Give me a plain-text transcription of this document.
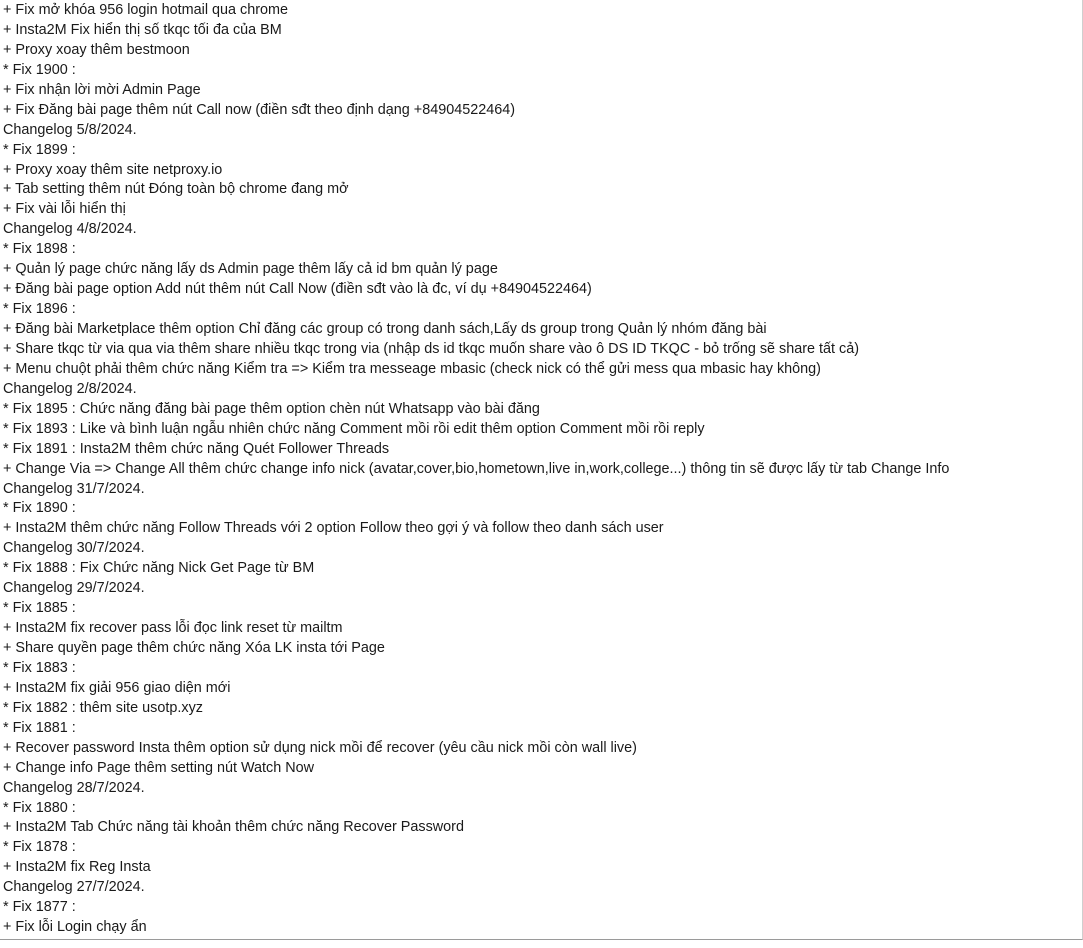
+ Fix mở khóa 956 login hotmail qua chrome
+ Insta2M Fix hiển thị số tkqc tối đa của BM
+ Proxy xoay thêm bestmoon
* Fix 1900 :
+ Fix nhận lời mời Admin Page
+ Fix Đăng bài page thêm nút Call now (điền sđt theo định dạng +84904522464)
Changelog 5/8/2024.
* Fix 1899 :
+ Proxy xoay thêm site netproxy.io
+ Tab setting thêm nút Đóng toàn bộ chrome đang mở
+ Fix vài lỗi hiển thị
Changelog 4/8/2024.
* Fix 1898 :
+ Quản lý page chức năng lấy ds Admin page thêm lấy cả id bm quản lý page
+ Đăng bài page option Add nút thêm nút Call Now (điền sđt vào là đc, ví dụ +84904522464)
* Fix 1896 :
+ Đăng bài Marketplace thêm option Chỉ đăng các group có trong danh sách,Lấy ds group trong Quản lý nhóm đăng bài
+ Share tkqc từ via qua via thêm share nhiều tkqc trong via (nhập ds id tkqc muốn share vào ô DS ID TKQC - bỏ trống sẽ share tất cả)
+ Menu chuột phải thêm chức năng Kiểm tra => Kiểm tra messeage mbasic (check nick có thể gửi mess qua mbasic hay không)
Changelog 2/8/2024.
* Fix 1895 : Chức năng đăng bài page thêm option chèn nút Whatsapp vào bài đăng
* Fix 1893 : Like và bình luận ngẫu nhiên chức năng Comment mồi rồi edit thêm option Comment mồi rồi reply
* Fix 1891 : Insta2M thêm chức năng Quét Follower Threads
+ Change Via => Change All thêm chức change info nick (avatar,cover,bio,hometown,live in,work,college...) thông tin sẽ được lấy từ tab Change Info
Changelog 31/7/2024.
* Fix 1890 :
+ Insta2M thêm chức năng Follow Threads với 2 option Follow theo gợi ý và follow theo danh sách user
Changelog 30/7/2024.
* Fix 1888 : Fix Chức năng Nick Get Page từ BM
Changelog 29/7/2024.
* Fix 1885 :
+ Insta2M fix recover pass lỗi đọc link reset từ mailtm
+ Share quyền page thêm chức năng Xóa LK insta tới Page
* Fix 1883 :
+ Insta2M fix giải 956 giao diện mới
* Fix 1882 : thêm site usotp.xyz
* Fix 1881 :
+ Recover password Insta thêm option sử dụng nick mồi để recover (yêu cầu nick mồi còn wall live)
+ Change info Page thêm setting nút Watch Now
Changelog 28/7/2024.
* Fix 1880 :
+ Insta2M Tab Chức năng tài khoản thêm chức năng Recover Password
* Fix 1878 :
+ Insta2M fix Reg Insta
Changelog 27/7/2024.
* Fix 1877 :
+ Fix lỗi Login chạy ẩn
